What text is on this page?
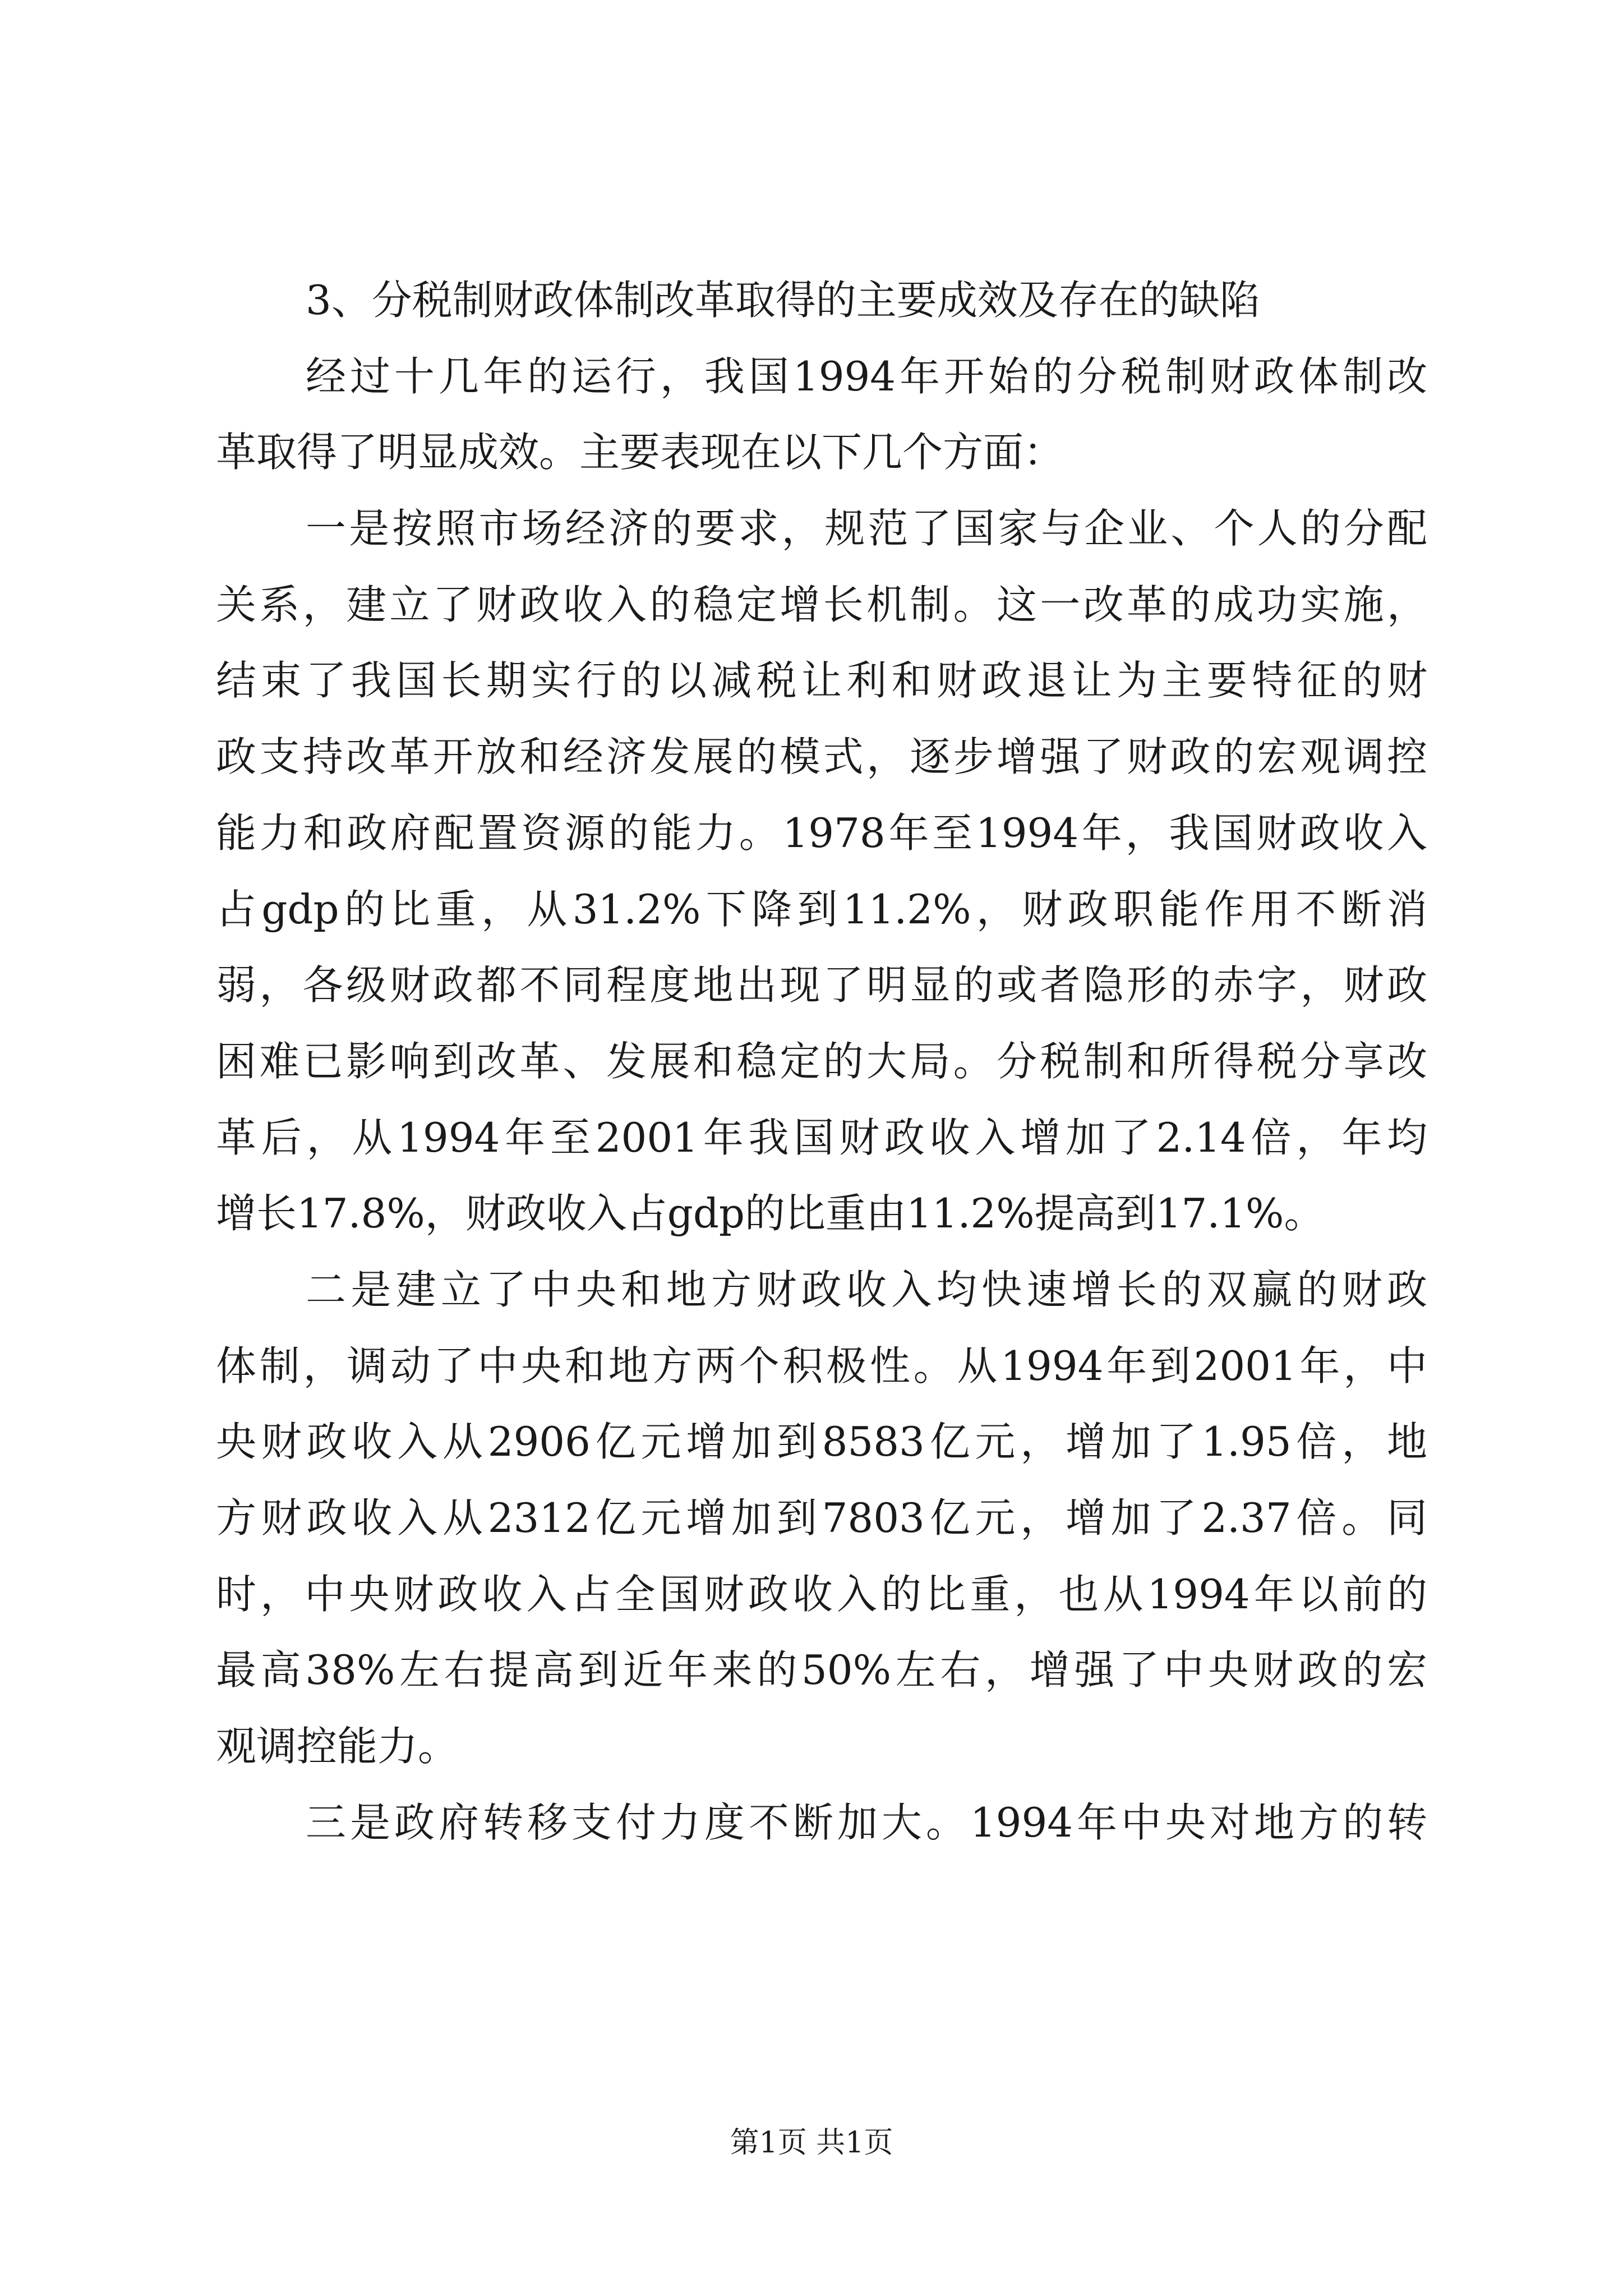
3、分税制财政体制改革取得的主要成效及存在的缺陷
经过十几年的运行，我国1994年开始的分税制财政体制改
革取得了明显成效。主要表现在以下几个方面：
一是按照市场经济的要求，规范了国家与企业、个人的分配
关系，建立了财政收入的稳定增长机制。这一改革的成功实施，
结束了我国长期实行的以减税让利和财政退让为主要特征的财
政支持改革开放和经济发展的模式，逐步增强了财政的宏观调控
能力和政府配置资源的能力。1978年至1994年，我国财政收入
占gdp的比重，从31.2%下降到11.2%，财政职能作用不断消
弱，各级财政都不同程度地出现了明显的或者隐形的赤字，财政
困难已影响到改革、发展和稳定的大局。分税制和所得税分享改
革后，从1994年至2001年我国财政收入增加了2.14倍，年均
增长17.8%，财政收入占gdp的比重由11.2%提高到17.1%。
二是建立了中央和地方财政收入均快速增长的双赢的财政
体制，调动了中央和地方两个积极性。从1994年到2001年，中
央财政收入从2906亿元增加到8583亿元，增加了1.95倍，地
方财政收入从2312亿元增加到7803亿元，增加了2.37倍。同
时，中央财政收入占全国财政收入的比重，也从1994年以前的
最高38%左右提高到近年来的50%左右，增强了中央财政的宏
观调控能力。
三是政府转移支付力度不断加大。1994年中央对地方的转
第1页 共1页
